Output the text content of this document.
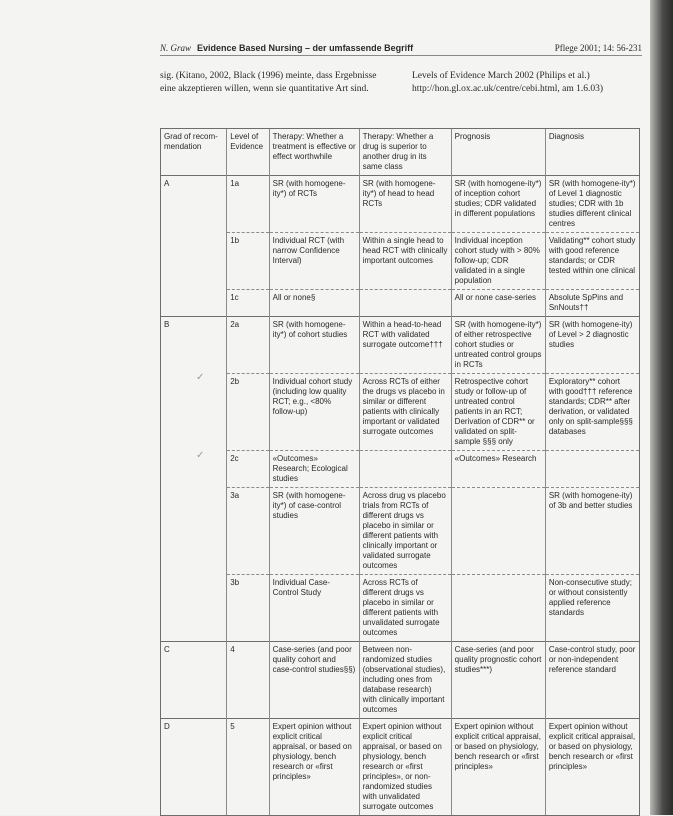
N. Graw Evidence Based Nursing – der umfassende Begriff	Pflege 2001; 14: 56-231
sig. (Kitano, 2002, Black (1996) meinte, dass Ergebnisse eine akzeptieren willen, wenn sie quantitative Art sind.
Levels of Evidence March 2002 (Philips et al.) http://hon.gl.ox.ac.uk/centre/cebi.html, am 1.6.03)
Grad of recom-mendation	Level of Evidence	Therapy: Whether a treatment is effective or effect worthwhile	Therapy: Whether a drug is superior to another drug in its same class	Prognosis	Diagnosis
A	1a	SR (with homogene-ity*) of RCTs	SR (with homogene-ity*) of head to head RCTs	SR (with homogene-ity*) of inception cohort studies; CDR validated in different populations	SR (with homogene-ity*) of Level 1 diagnostic studies; CDR with 1b studies different clinical centres
	1b	Individual RCT (with narrow Confidence Interval)	Within a single head to head RCT with clinically important outcomes	Individual inception cohort study with > 80% follow-up; CDR validated in a single population	Validating** cohort study with good reference standards; or CDR tested within one clinical
	1c	All or none§		All or none case-series	Absolute SpPins and SnNouts††
B	2a	SR (with homogene-ity*) of cohort studies	Within a head-to-head RCT with validated surrogate outcome†††	SR (with homogene-ity*) of either retrospective cohort studies or untreated control groups in RCTs	SR (with homogene-ity) of Level > 2 diagnostic studies
	2b	Individual cohort study (including low quality RCT; e.g., <80% follow-up)	Across RCTs of either the drugs vs placebo in similar or different patients with clinically important or validated surrogate outcomes	Retrospective cohort study or follow-up of untreated control patients in an RCT; Derivation of CDR** or validated on split-sample §§§ only	Exploratory** cohort with good††† reference standards; CDR** after derivation, or validated only on split-sample§§§ databases
	2c	«Outcomes» Research; Ecological studies		«Outcomes» Research	
	3a	SR (with homogene-ity*) of case-control studies	Across drug vs placebo trials from RCTs of different drugs vs placebo in similar or different patients with clinically important or validated surrogate outcomes		SR (with homogene-ity) of 3b and better studies
	3b	Individual Case-Control Study	Across RCTs of different drugs vs placebo in similar or different patients with unvalidated surrogate outcomes		Non-consecutive study; or without consistently applied reference standards
C	4	Case-series (and poor quality cohort and case-control studies§§)	Between non-randomized studies (observational studies), including ones from database research) with clinically important outcomes	Case-series (and poor quality prognostic cohort studies***)	Case-control study, poor or non-independent reference standard
D	5	Expert opinion without explicit critical appraisal, or based on physiology, bench research or «first principles»	Expert opinion without explicit critical appraisal, or based on physiology, bench research or «first principles», or non-randomized studies with unvalidated surrogate outcomes	Expert opinion without explicit critical appraisal, or based on physiology, bench research or «first principles»	Expert opinion without explicit critical appraisal, or based on physiology, bench research or «first principles»
✓
✓
